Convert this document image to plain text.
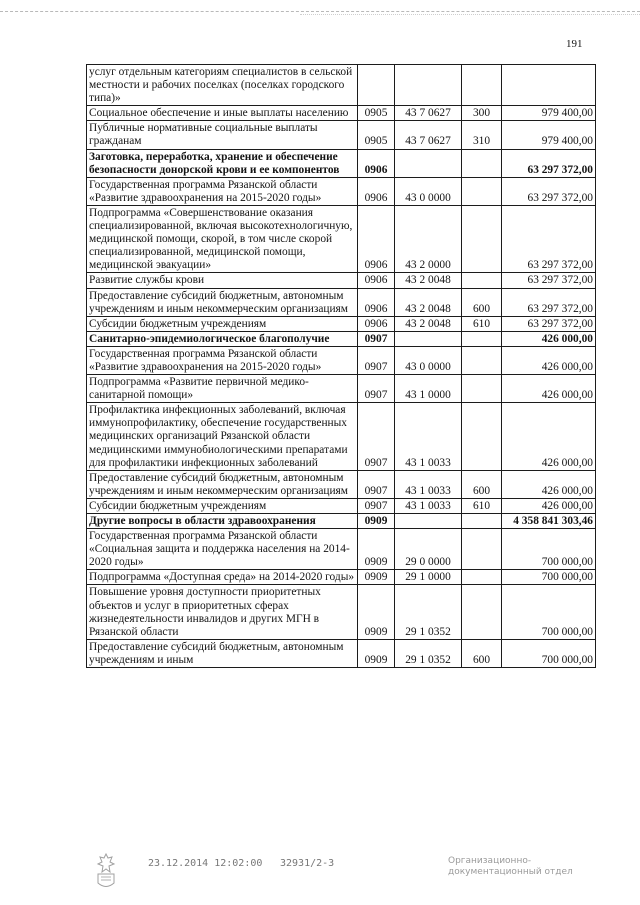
191
услуг отдельным категориям специалистов в сельской местности и рабочих поселках (поселках городского типа)»				
Социальное обеспечение и иные выплаты населению	0905	43 7 0627	300	979 400,00
Публичные нормативные социальные выплаты гражданам	0905	43 7 0627	310	979 400,00
Заготовка, переработка, хранение и обеспечение безопасности донорской крови и ее компонентов	0906			63 297 372,00
Государственная программа Рязанской области «Развитие здравоохранения на 2015-2020 годы»	0906	43 0 0000		63 297 372,00
Подпрограмма «Совершенствование оказания специализированной, включая высокотехнологичную, медицинской помощи, скорой, в том числе скорой специализированной, медицинской помощи, медицинской эвакуации»	0906	43 2 0000		63 297 372,00
Развитие службы крови	0906	43 2 0048		63 297 372,00
Предоставление субсидий бюджетным, автономным учреждениям и иным некоммерческим организациям	0906	43 2 0048	600	63 297 372,00
Субсидии бюджетным учреждениям	0906	43 2 0048	610	63 297 372,00
Санитарно-эпидемиологическое благополучие	0907			426 000,00
Государственная программа Рязанской области «Развитие здравоохранения на 2015-2020 годы»	0907	43 0 0000		426 000,00
Подпрограмма «Развитие первичной медико-санитарной помощи»	0907	43 1 0000		426 000,00
Профилактика инфекционных заболеваний, включая иммунопрофилактику, обеспечение государственных медицинских организаций Рязанской области медицинскими иммунобиологическими препаратами для профилактики инфекционных заболеваний	0907	43 1 0033		426 000,00
Предоставление субсидий бюджетным, автономным учреждениям и иным некоммерческим организациям	0907	43 1 0033	600	426 000,00
Субсидии бюджетным учреждениям	0907	43 1 0033	610	426 000,00
Другие вопросы в области здравоохранения	0909			4 358 841 303,46
Государственная программа Рязанской области «Социальная защита и поддержка населения на 2014-2020 годы»	0909	29 0 0000		700 000,00
Подпрограмма «Доступная среда» на 2014-2020 годы»	0909	29 1 0000		700 000,00
Повышение уровня доступности приоритетных объектов и услуг в приоритетных сферах жизнедеятельности инвалидов и других МГН в Рязанской области	0909	29 1 0352		700 000,00
Предоставление субсидий бюджетным, автономным учреждениям и иным	0909	29 1 0352	600	700 000,00
23.12.2014 12:02:00 32931/2-3	Организационно-
документационный отдел
